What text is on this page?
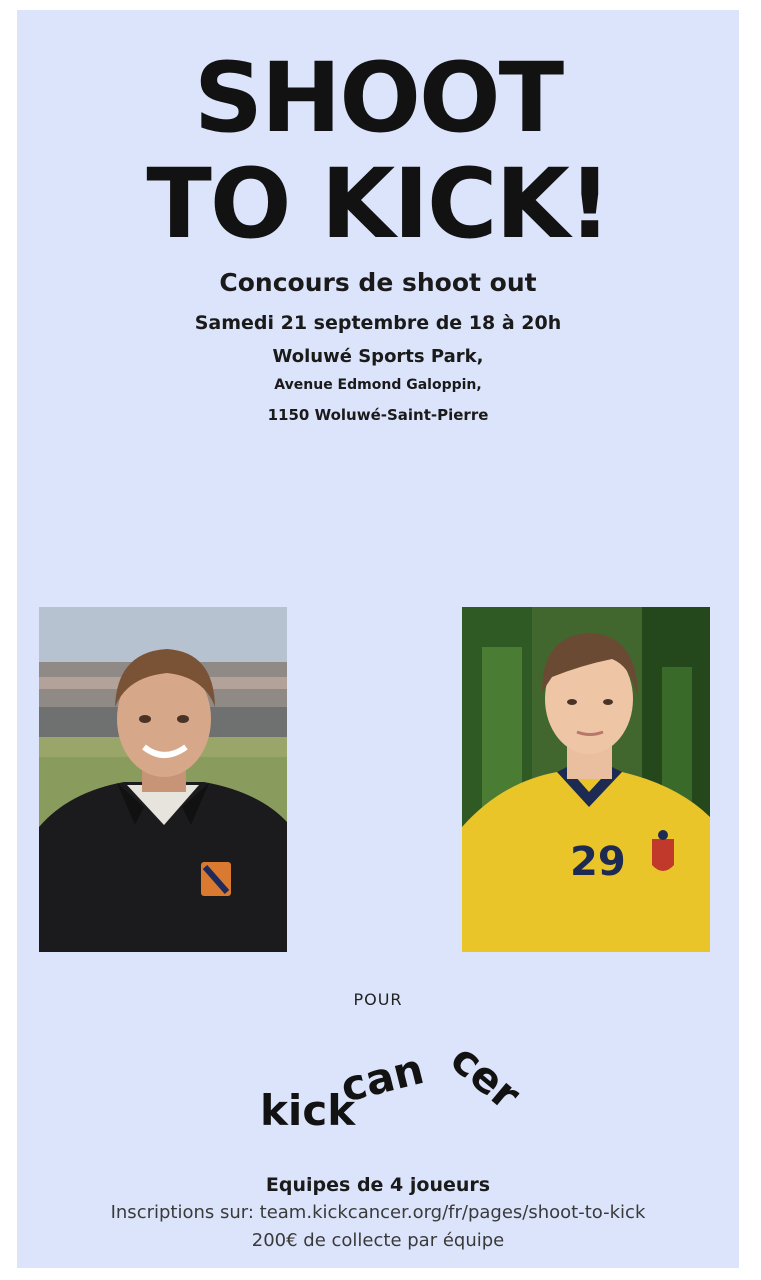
SHOOT
TO KICK!
Concours de shoot out
Samedi 21 septembre de 18 à 20h
Woluwé Sports Park,
Avenue Edmond Galoppin,
1150 Woluwé-Saint-Pierre
29
POUR
kick
can cer
Equipes de 4 joueurs
Inscriptions sur: team.kickcancer.org/fr/pages/shoot-to-kick
200€ de collecte par équipe
